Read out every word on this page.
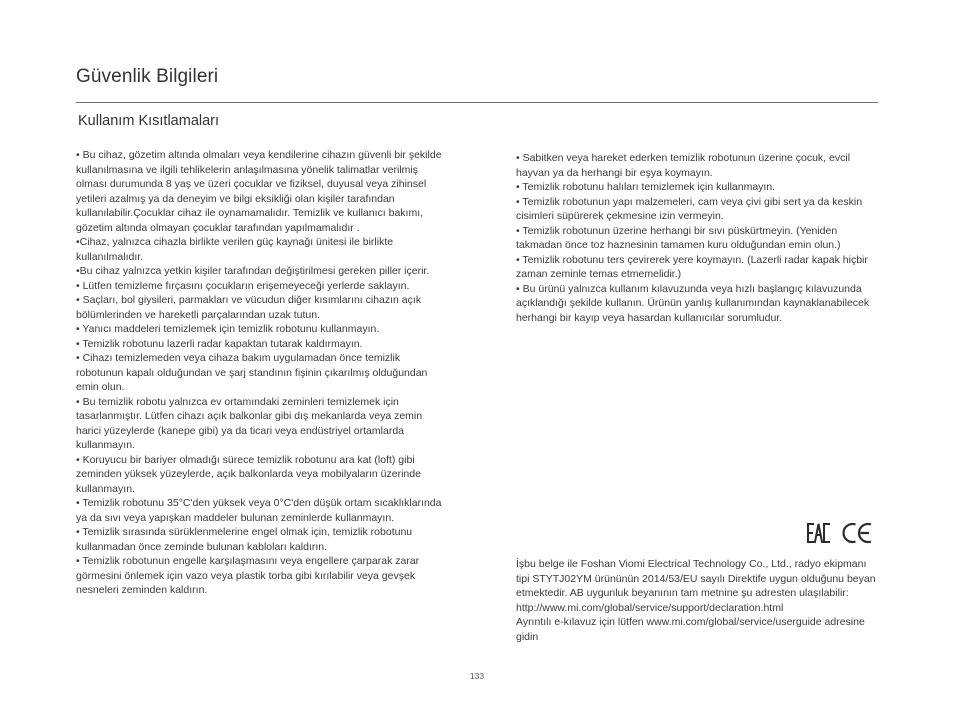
Güvenlik Bilgileri
Kullanım Kısıtlamaları

• Bu cihaz, gözetim altında olmaları veya kendilerine cihazın güvenli bir şekilde kullanılmasına ve ilgili tehlikelerin anlaşılmasına yönelik talimatlar verilmiş olması durumunda 8 yaş ve üzeri çocuklar ve fiziksel, duyusal veya zihinsel yetileri azalmış ya da deneyim ve bilgi eksikliği olan kişiler tarafından kullanılabilir.Çocuklar cihaz ile oynamamalıdır. Temizlik ve kullanıcı bakımı, gözetim altında olmayan çocuklar tarafından yapılmamalıdır .

•Cihaz, yalnızca cihazla birlikte verilen güç kaynağı ünitesi ile birlikte kullanılmalıdır.

•Bu cihaz yalnızca yetkin kişiler tarafından değiştirilmesi gereken piller içerir.

• Lütfen temizleme fırçasını çocukların erişemeyeceği yerlerde saklayın.

• Saçları, bol giysileri, parmakları ve vücudun diğer kısımlarını cihazın açık bölümlerinden ve hareketli parçalarından uzak tutun.

• Yanıcı maddeleri temizlemek için temizlik robotunu kullanmayın.

• Temizlik robotunu lazerli radar kapaktan tutarak kaldırmayın.

• Cihazı temizlemeden veya cihaza bakım uygulamadan önce temizlik robotunun kapalı olduğundan ve şarj standının fişinin çıkarılmış olduğundan emin olun.

• Bu temizlik robotu yalnızca ev ortamındaki zeminleri temizlemek için tasarlanmıştır. Lütfen cihazı açık balkonlar gibi dış mekanlarda veya zemin harici yüzeylerde (kanepe gibi) ya da ticari veya endüstriyel ortamlarda kullanmayın.

• Koruyucu bir bariyer olmadığı sürece temizlik robotunu ara kat (loft) gibi zeminden yüksek yüzeylerde, açık balkonlarda veya mobilyaların üzerinde kullanmayın.

• Temizlik robotunu 35°C'den yüksek veya 0°C'den düşük ortam sıcaklıklarında ya da sıvı veya yapışkan maddeler bulunan zeminlerde kullanmayın.

• Temizlik sırasında sürüklenmelerine engel olmak için, temizlik robotunu kullanmadan önce zeminde bulunan kabloları kaldırın.

• Temizlik robotunun engelle karşılaşmasını veya engellere çarparak zarar görmesini önlemek için vazo veya plastik torba gibi kırılabilir veya gevşek nesneleri zeminden kaldırın.

• Sabitken veya hareket ederken temizlik robotunun üzerine çocuk, evcil hayvan ya da herhangi bir eşya koymayın.

• Temizlik robotunu halıları temizlemek için kullanmayın.

• Temizlik robotunun yapı malzemeleri, cam veya çivi gibi sert ya da keskin cisimleri süpürerek çekmesine izin vermeyin.

• Temizlik robotunun üzerine herhangi bir sıvı püskürtmeyin. (Yeniden takmadan önce toz haznesinin tamamen kuru olduğundan emin olun.)

• Temizlik robotunu ters çevirerek yere koymayın. (Lazerli radar kapak hiçbir zaman zeminle temas etmemelidir.)

• Bu ürünü yalnızca kullanım kılavuzunda veya hızlı başlangıç kılavuzunda açıklandığı şekilde kullanın. Ürünün yanlış kullanımından kaynaklanabilecek herhangi bir kayıp veya hasardan kullanıcılar sorumludur.

İşbu belge ile Foshan Viomi Electrical Technology Co., Ltd., radyo ekipmanı tipi STYTJ02YM ürününün 2014/53/EU sayılı Direktife uygun olduğunu beyan etmektedir. AB uygunluk beyanının tam metnine şu adresten ulaşılabilir: http://www.mi.com/global/service/support/declaration.html

Ayrıntılı e-kılavuz için lütfen www.mi.com/global/service/userguide adresine gidin

133
